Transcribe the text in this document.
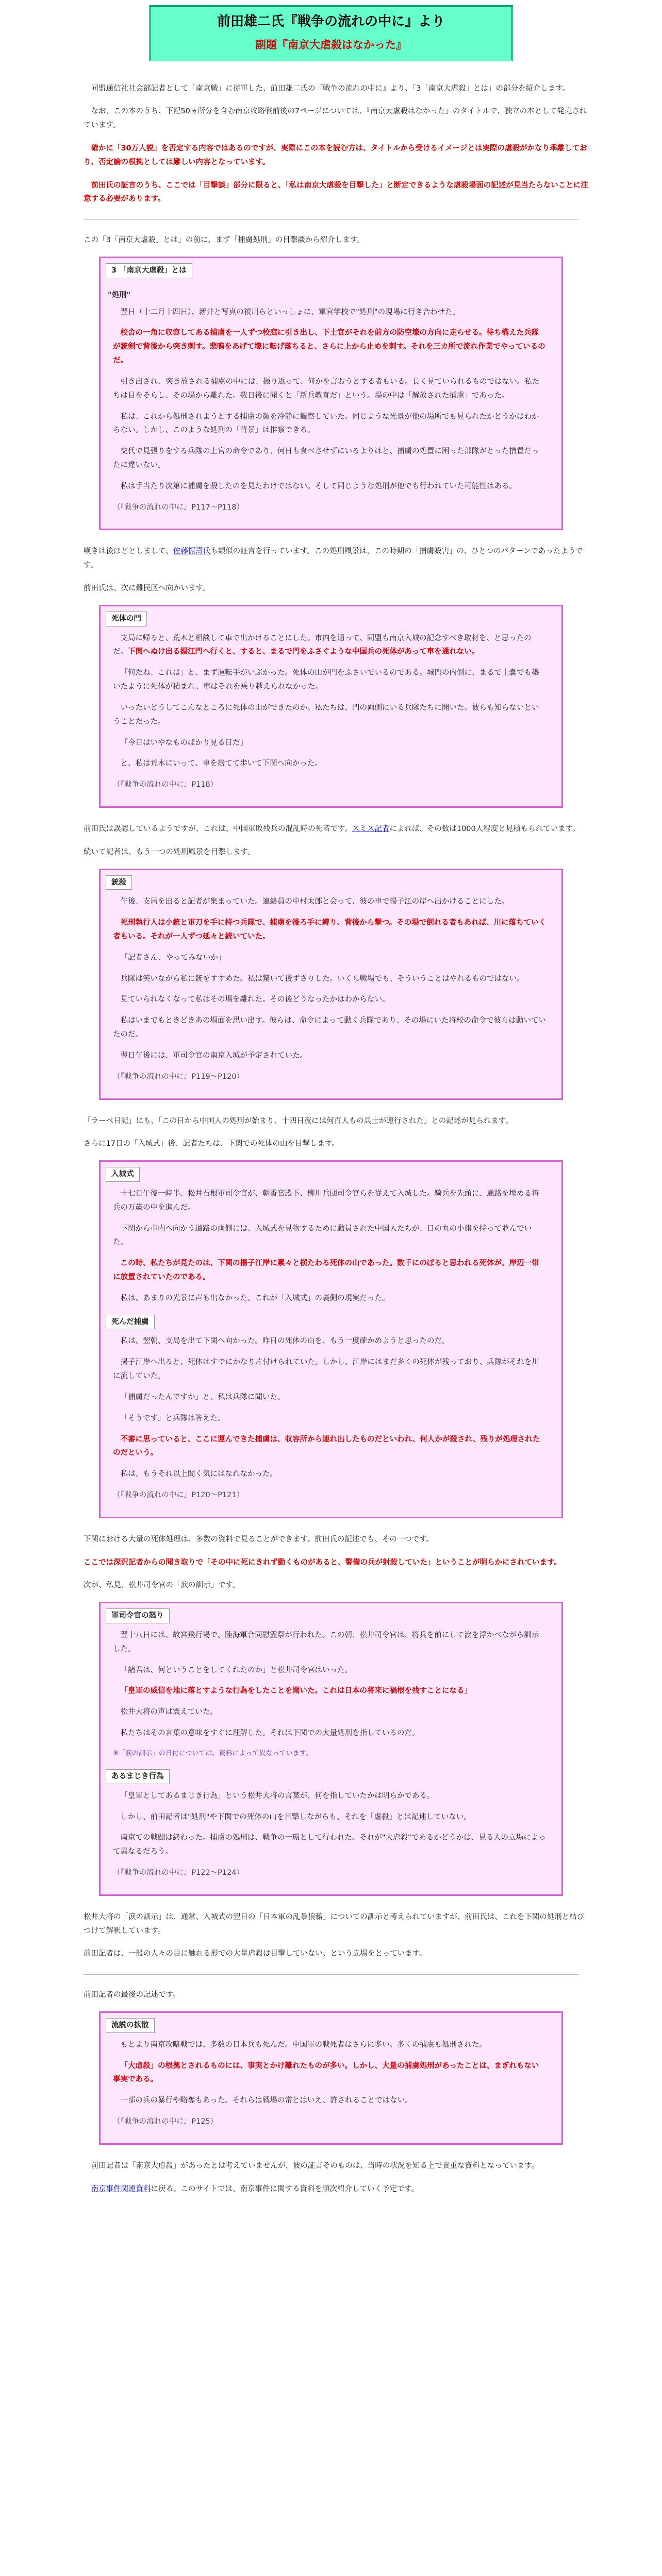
前田雄二氏『戦争の流れの中に』より
副題『南京大虐殺はなかった』

同盟通信社社会部記者として「南京戦」に従軍した、前田雄二氏の『戦争の流れの中に』より、「3「南京大虐殺」とは」の部分を紹介します。

なお、この本のうち、下記50ヵ所分を含む南京攻略戦前後の7ページについては、『南京大虐殺はなかった』のタイトルで、独立の本として発売されています。

確かに「30万人説」を否定する内容ではあるのですが、実際にこの本を読む方は、タイトルから受けるイメージとは実際の虐殺がかなり乖離しており、否定論の根拠としては難しい内容となっています。

前田氏の証言のうち、ここでは「目撃談」部分に限ると、「私は南京大虐殺を目撃した」と断定できるような虐殺場面の記述が見当たらないことに注意する必要があります。

この「3「南京大虐殺」とは」の前に、まず「捕虜処刑」の目撃談から紹介します。

3 「南京大虐殺」とは
"処刑"

翌日（十二月十四日）、新井と写真の祓川らといっしょに、軍官学校で"処刑"の現場に行き合わせた。

校舎の一角に収容してある捕虜を一人ずつ校庭に引き出し、下士官がそれを前方の防空壕の方向に走らせる。待ち構えた兵隊が銃剣で背後から突き刺す。悲鳴をあげて壕に転げ落ちると、さらに上から止めを刺す。それを三カ所で流れ作業でやっているのだ。

引き出され、突き放される捕虜の中には、振り返って、何かを言おうとする者もいる。長く見ていられるものではない。私たちは目をそらし、その場から離れた。数日後に聞くと「新兵教育だ」という。場の中は「解放された捕虜」であった。

私は、これから処刑されようとする捕虜の顔を冷静に観察していた。同じような光景が他の場所でも見られたかどうかはわからない。しかし、このような処刑の「背景」は推察できる。

交代で見張りをする兵隊の上官の命令であり、何日も食べさせずにいるよりはと、捕虜の処置に困った部隊がとった措置だったに違いない。

私は手当たり次第に捕虜を殺したのを見たわけではない。そして同じような処刑が他でも行われていた可能性はある。

（『戦争の流れの中に』P117〜P118）

嘆きは後ほどとしまして、佐藤振壽氏も類似の証言を行っています。この処刑風景は、この時期の「捕虜殺害」の、ひとつのパターンであったようです。

前田氏は、次に難民区へ向かいます。

死体の門

支局に帰ると、荒木と相談して車で出かけることにした。市内を通って、同盟も南京入城の記念すべき取材を、と思ったのだ。下関へぬけ出る揚江門へ行くと、すると、まるで門をふさぐような中国兵の死体があって車を通れない。

「何だね、これは」と、まず運転手がいぶかった。死体の山が門をふさいでいるのである。城門の内側に、まるで土嚢でも築いたように死体が積まれ、車はそれを乗り越えられなかった。

いったいどうしてこんなところに死体の山ができたのか。私たちは、門の両側にいる兵隊たちに聞いた。彼らも知らないということだった。

「今日はいやなものばかり見る日だ」

と、私は荒木にいって、車を捨てて歩いて下関へ向かった。

（『戦争の流れの中に』P118）

前田氏は誤認しているようですが、これは、中国軍敗残兵の混乱時の死者です。スミス記者によれば、その数は1000人程度と見積もられています。

続いて記者は、もう一つの処刑風景を目撃します。

銃殺

午後、支局を出ると記者が集まっていた。連絡員の中村太郎と会って、彼の車で揚子江の岸へ出かけることにした。

死刑執行人は小銃と軍刀を手に持つ兵隊で、捕虜を後ろ手に縛り、背後から撃つ。その場で倒れる者もあれば、川に落ちていく者もいる。それが一人ずつ延々と続いていた。

「記者さん、やってみないか」

兵隊は笑いながら私に銃をすすめた。私は驚いて後ずさりした。いくら戦場でも、そういうことはやれるものではない。

見ていられなくなって私はその場を離れた。その後どうなったかはわからない。

私はいまでもときどきあの場面を思い出す。彼らは、命令によって動く兵隊であり、その場にいた将校の命令で彼らは動いていたのだ。

翌日午後には、軍司令官の南京入城が予定されていた。

（『戦争の流れの中に』P119〜P120）

「ラーベ日記」にも、「この日から中国人の処刑が始まり、十四日夜には何百人もの兵士が連行された」との記述が見られます。

さらに17日の「入城式」後、記者たちは、下関での死体の山を目撃します。

入城式

十七日午後一時半、松井石根軍司令官が、朝香宮殿下、柳川兵団司令官らを従えて入城した。騎兵を先頭に、通路を埋める将兵の万歳の中を進んだ。

下関から市内へ向かう道路の両側には、入城式を見物するために動員された中国人たちが、日の丸の小旗を持って並んでいた。

この時、私たちが見たのは、下関の揚子江岸に累々と横たわる死体の山であった。数千にのぼると思われる死体が、岸辺一帯に放置されていたのである。

私は、あまりの光景に声も出なかった。これが「入城式」の裏側の現実だった。

死んだ捕虜

私は、翌朝、支局を出て下関へ向かった。昨日の死体の山を、もう一度確かめようと思ったのだ。

揚子江岸へ出ると、死体はすでにかなり片付けられていた。しかし、江岸にはまだ多くの死体が残っており、兵隊がそれを川に流していた。

「捕虜だったんですか」と、私は兵隊に聞いた。

「そうです」と兵隊は答えた。

不審に思っていると、ここに運んできた捕虜は、収容所から連れ出したものだといわれ、何人かが殺され、残りが処理されたのだという。

私は、もうそれ以上聞く気にはなれなかった。

（『戦争の流れの中に』P120〜P121）

下関における大量の死体処理は、多数の資料で見ることができます。前田氏の記述でも、その一つです。

ここでは深沢記者からの聞き取りで「その中に死にきれず動くものがあると、警備の兵が射殺していた」ということが明らかにされています。

次が、私見、松井司令官の「涙の訓示」です。

軍司令官の怒り

翌十八日には、故宮飛行場で、陸海軍合同慰霊祭が行われた。この朝、松井司令官は、将兵を前にして涙を浮かべながら訓示した。

「諸君は、何ということをしてくれたのか」と松井司令官はいった。

「皇軍の威信を地に落とすような行為をしたことを聞いた。これは日本の将来に禍根を残すことになる」

松井大将の声は震えていた。

私たちはその言葉の意味をすぐに理解した。それは下関での大量処刑を指しているのだ。

※「涙の訓示」の日付については、資料によって異なっています。

あるまじき行為

「皇軍としてあるまじき行為」という松井大将の言葉が、何を指していたかは明らかである。

しかし、前田記者は"処刑"や下関での死体の山を目撃しながらも、それを「虐殺」とは記述していない。

南京での戦闘は終わった。捕虜の処刑は、戦争の一環として行われた。それが"大虐殺"であるかどうかは、見る人の立場によって異なるだろう。

（『戦争の流れの中に』P122〜P124）

松井大将の「涙の訓示」は、通常、入城式の翌日の「日本軍の乱暴狼藉」についての訓示と考えられていますが、前田氏は、これを下関の処刑と結びつけて解釈しています。

前田記者は、一般の人々の目に触れる形での大量虐殺は目撃していない、という立場をとっています。

前田記者の最後の記述です。

流説の拡散

もとより南京攻略戦では、多数の日本兵も死んだ。中国軍の戦死者はさらに多い。多くの捕虜も処刑された。

「大虐殺」の根拠とされるものには、事実とかけ離れたものが多い。しかし、大量の捕虜処刑があったことは、まぎれもない事実である。

一部の兵の暴行や略奪もあった。それらは戦場の常とはいえ、許されることではない。

（『戦争の流れの中に』P125）

前田記者は「南京大虐殺」があったとは考えていませんが、彼の証言そのものは、当時の状況を知る上で貴重な資料となっています。

南京事件関連資料に戻る。このサイトでは、南京事件に関する資料を順次紹介していく予定です。
